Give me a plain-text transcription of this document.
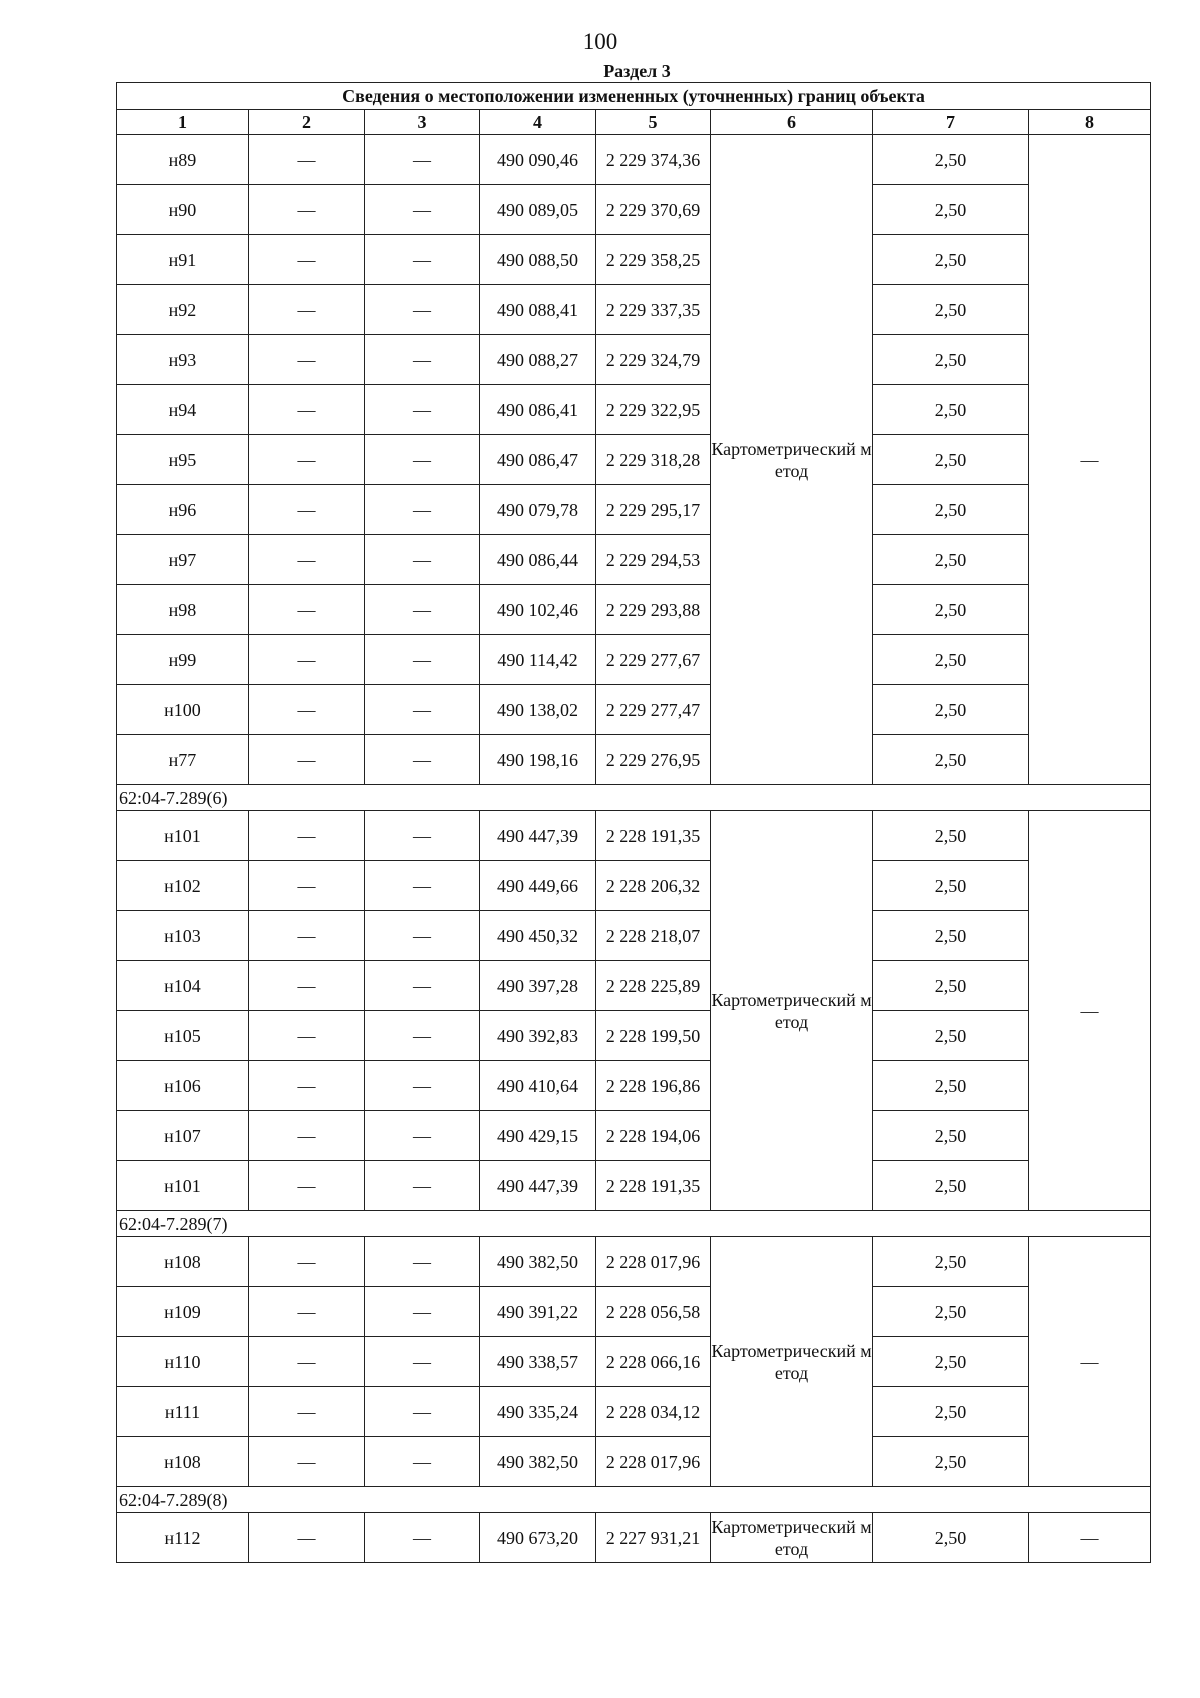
100
Раздел 3
Сведения о местоположении измененных (уточненных) границ объекта							
1	2	3	4	5	6	7	8
н89	—	—	490 090,46	2 229 374,36	Картометрический метод	2,50	—
н90	—	—	490 089,05	2 229 370,69		2,50	
н91	—	—	490 088,50	2 229 358,25		2,50	
н92	—	—	490 088,41	2 229 337,35		2,50	
н93	—	—	490 088,27	2 229 324,79		2,50	
н94	—	—	490 086,41	2 229 322,95		2,50	
н95	—	—	490 086,47	2 229 318,28		2,50	
н96	—	—	490 079,78	2 229 295,17		2,50	
н97	—	—	490 086,44	2 229 294,53		2,50	
н98	—	—	490 102,46	2 229 293,88		2,50	
н99	—	—	490 114,42	2 229 277,67		2,50	
н100	—	—	490 138,02	2 229 277,47		2,50	
н77	—	—	490 198,16	2 229 276,95		2,50	
62:04-7.289(6)							
н101	—	—	490 447,39	2 228 191,35	Картометрический метод	2,50	—
н102	—	—	490 449,66	2 228 206,32		2,50	
н103	—	—	490 450,32	2 228 218,07		2,50	
н104	—	—	490 397,28	2 228 225,89		2,50	
н105	—	—	490 392,83	2 228 199,50		2,50	
н106	—	—	490 410,64	2 228 196,86		2,50	
н107	—	—	490 429,15	2 228 194,06		2,50	
н101	—	—	490 447,39	2 228 191,35		2,50	
62:04-7.289(7)							
н108	—	—	490 382,50	2 228 017,96	Картометрический метод	2,50	—
н109	—	—	490 391,22	2 228 056,58		2,50	
н110	—	—	490 338,57	2 228 066,16		2,50	
н111	—	—	490 335,24	2 228 034,12		2,50	
н108	—	—	490 382,50	2 228 017,96		2,50	
62:04-7.289(8)							
н112	—	—	490 673,20	2 227 931,21	Картометрический метод	2,50	—
